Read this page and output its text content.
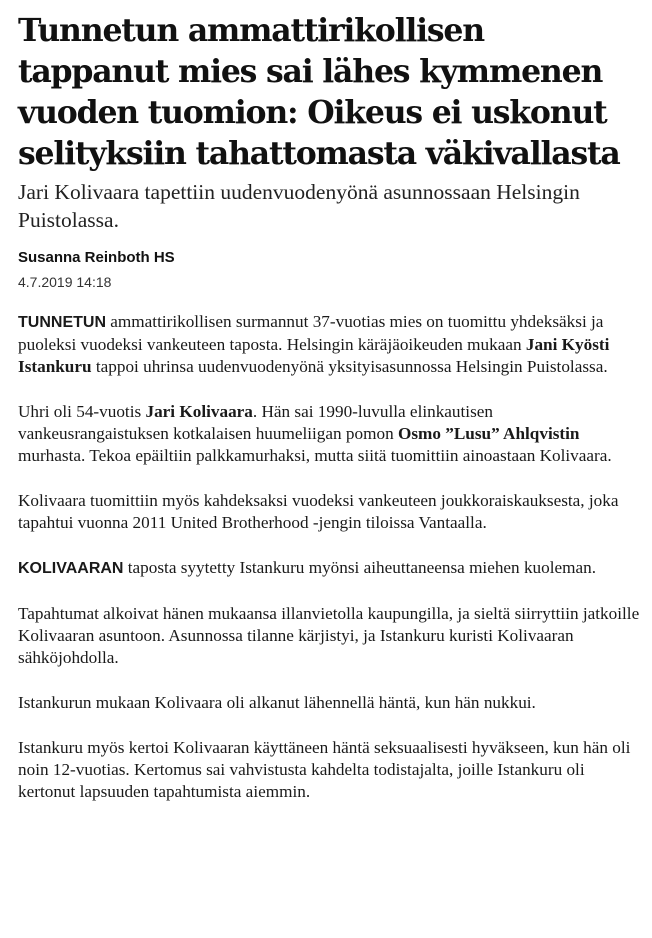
Tunnetun ammattirikollisen tappanut mies sai lähes kymmenen vuoden tuomion: Oikeus ei uskonut selityksiin tahattomasta väkivallasta

Jari Kolivaara tapettiin uudenvuodenyönä asunnossaan Helsingin Puistolassa.

Susanna Reinboth HS
4.7.2019 14:18

TUNNETUN ammattirikollisen surmannut 37-vuotias mies on tuomittu yhdeksäksi ja puoleksi vuodeksi vankeuteen taposta. Helsingin käräjäoikeuden mukaan Jani Kyösti Istankuru tappoi uhrinsa uudenvuodenyönä yksityisasunnossa Helsingin Puistolassa.

Uhri oli 54-vuotis Jari Kolivaara. Hän sai 1990-luvulla elinkautisen vankeusrangaistuksen kotkalaisen huumeliigan pomon Osmo ”Lusu” Ahlqvistin murhasta. Tekoa epäiltiin palkkamurhaksi, mutta siitä tuomittiin ainoastaan Kolivaara.

Kolivaara tuomittiin myös kahdeksaksi vuodeksi vankeuteen joukkoraiskauksesta, joka tapahtui vuonna 2011 United Brotherhood -jengin tiloissa Vantaalla.

KOLIVAARAN taposta syytetty Istankuru myönsi aiheuttaneensa miehen kuoleman.

Tapahtumat alkoivat hänen mukaansa illanvietolla kaupungilla, ja sieltä siirryttiin jatkoille Kolivaaran asuntoon. Asunnossa tilanne kärjistyi, ja Istankuru kuristi Kolivaaran sähköjohdolla.

Istankurun mukaan Kolivaara oli alkanut lähennellä häntä, kun hän nukkui.

Istankuru myös kertoi Kolivaaran käyttäneen häntä seksuaalisesti hyväkseen, kun hän oli noin 12-vuotias. Kertomus sai vahvistusta kahdelta todistajalta, joille Istankuru oli kertonut lapsuuden tapahtumista aiemmin.
